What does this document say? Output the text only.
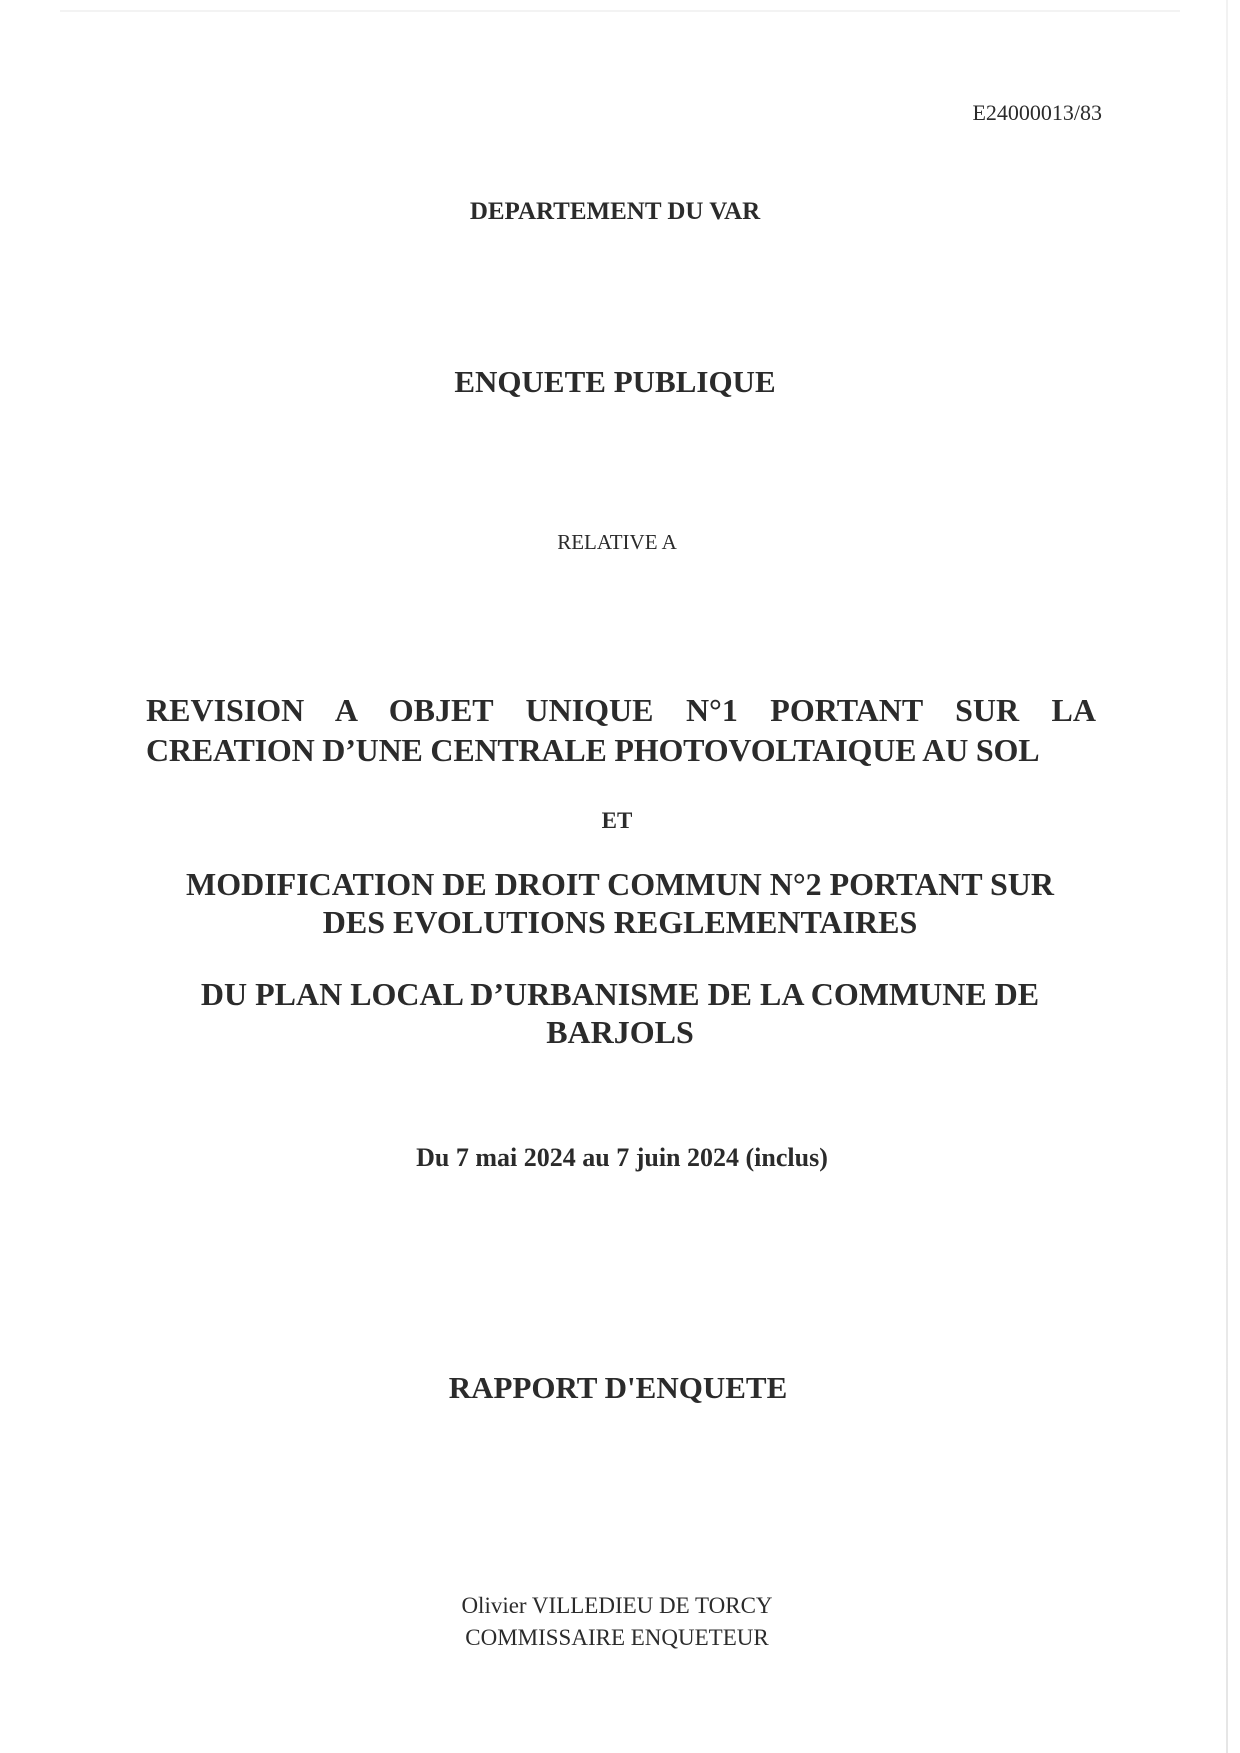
E24000013/83
DEPARTEMENT DU VAR
ENQUETE PUBLIQUE
RELATIVE A
REVISION A OBJET UNIQUE N°1 PORTANT SUR LA
CREATION D’UNE CENTRALE PHOTOVOLTAIQUE AU SOL
ET
MODIFICATION DE DROIT COMMUN N°2 PORTANT SUR
DES EVOLUTIONS REGLEMENTAIRES
DU PLAN LOCAL D’URBANISME DE LA COMMUNE DE
BARJOLS
Du 7 mai 2024 au 7 juin 2024 (inclus)
RAPPORT D'ENQUETE
Olivier VILLEDIEU DE TORCY
COMMISSAIRE ENQUETEUR
